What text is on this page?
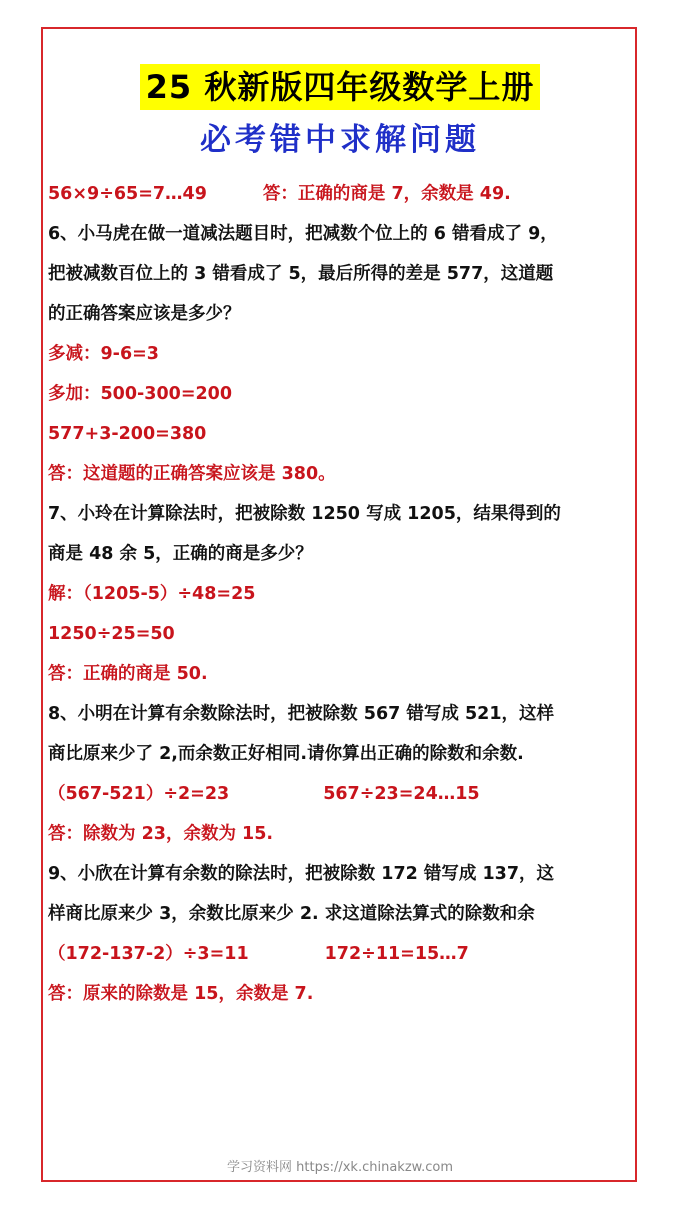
25 秋新版四年级数学上册
必考错中求解问题
56×9÷65=7…49	答：正确的商是 7，余数是 49.
6、小马虎在做一道减法题目时，把减数个位上的 6 错看成了 9，
把被减数百位上的 3 错看成了 5，最后所得的差是 577，这道题
的正确答案应该是多少？
多减：9-6=3
多加：500-300=200
577+3-200=380
答：这道题的正确答案应该是 380。
7、小玲在计算除法时，把被除数 1250 写成 1205，结果得到的
商是 48 余 5，正确的商是多少？
解：（1205-5）÷48=25
1250÷25=50
答：正确的商是 50.
8、小明在计算有余数除法时，把被除数 567 错写成 521，这样
商比原来少了 2,而余数正好相同.请你算出正确的除数和余数.
（567-521）÷2=23	567÷23=24…15
答：除数为 23，余数为 15.
9、小欣在计算有余数的除法时，把被除数 172 错写成 137，这
样商比原来少 3，余数比原来少 2. 求这道除法算式的除数和余
（172-137-2）÷3=11	172÷11=15…7
答：原来的除数是 15，余数是 7.
学习资料网 https://xk.chinakzw.com
